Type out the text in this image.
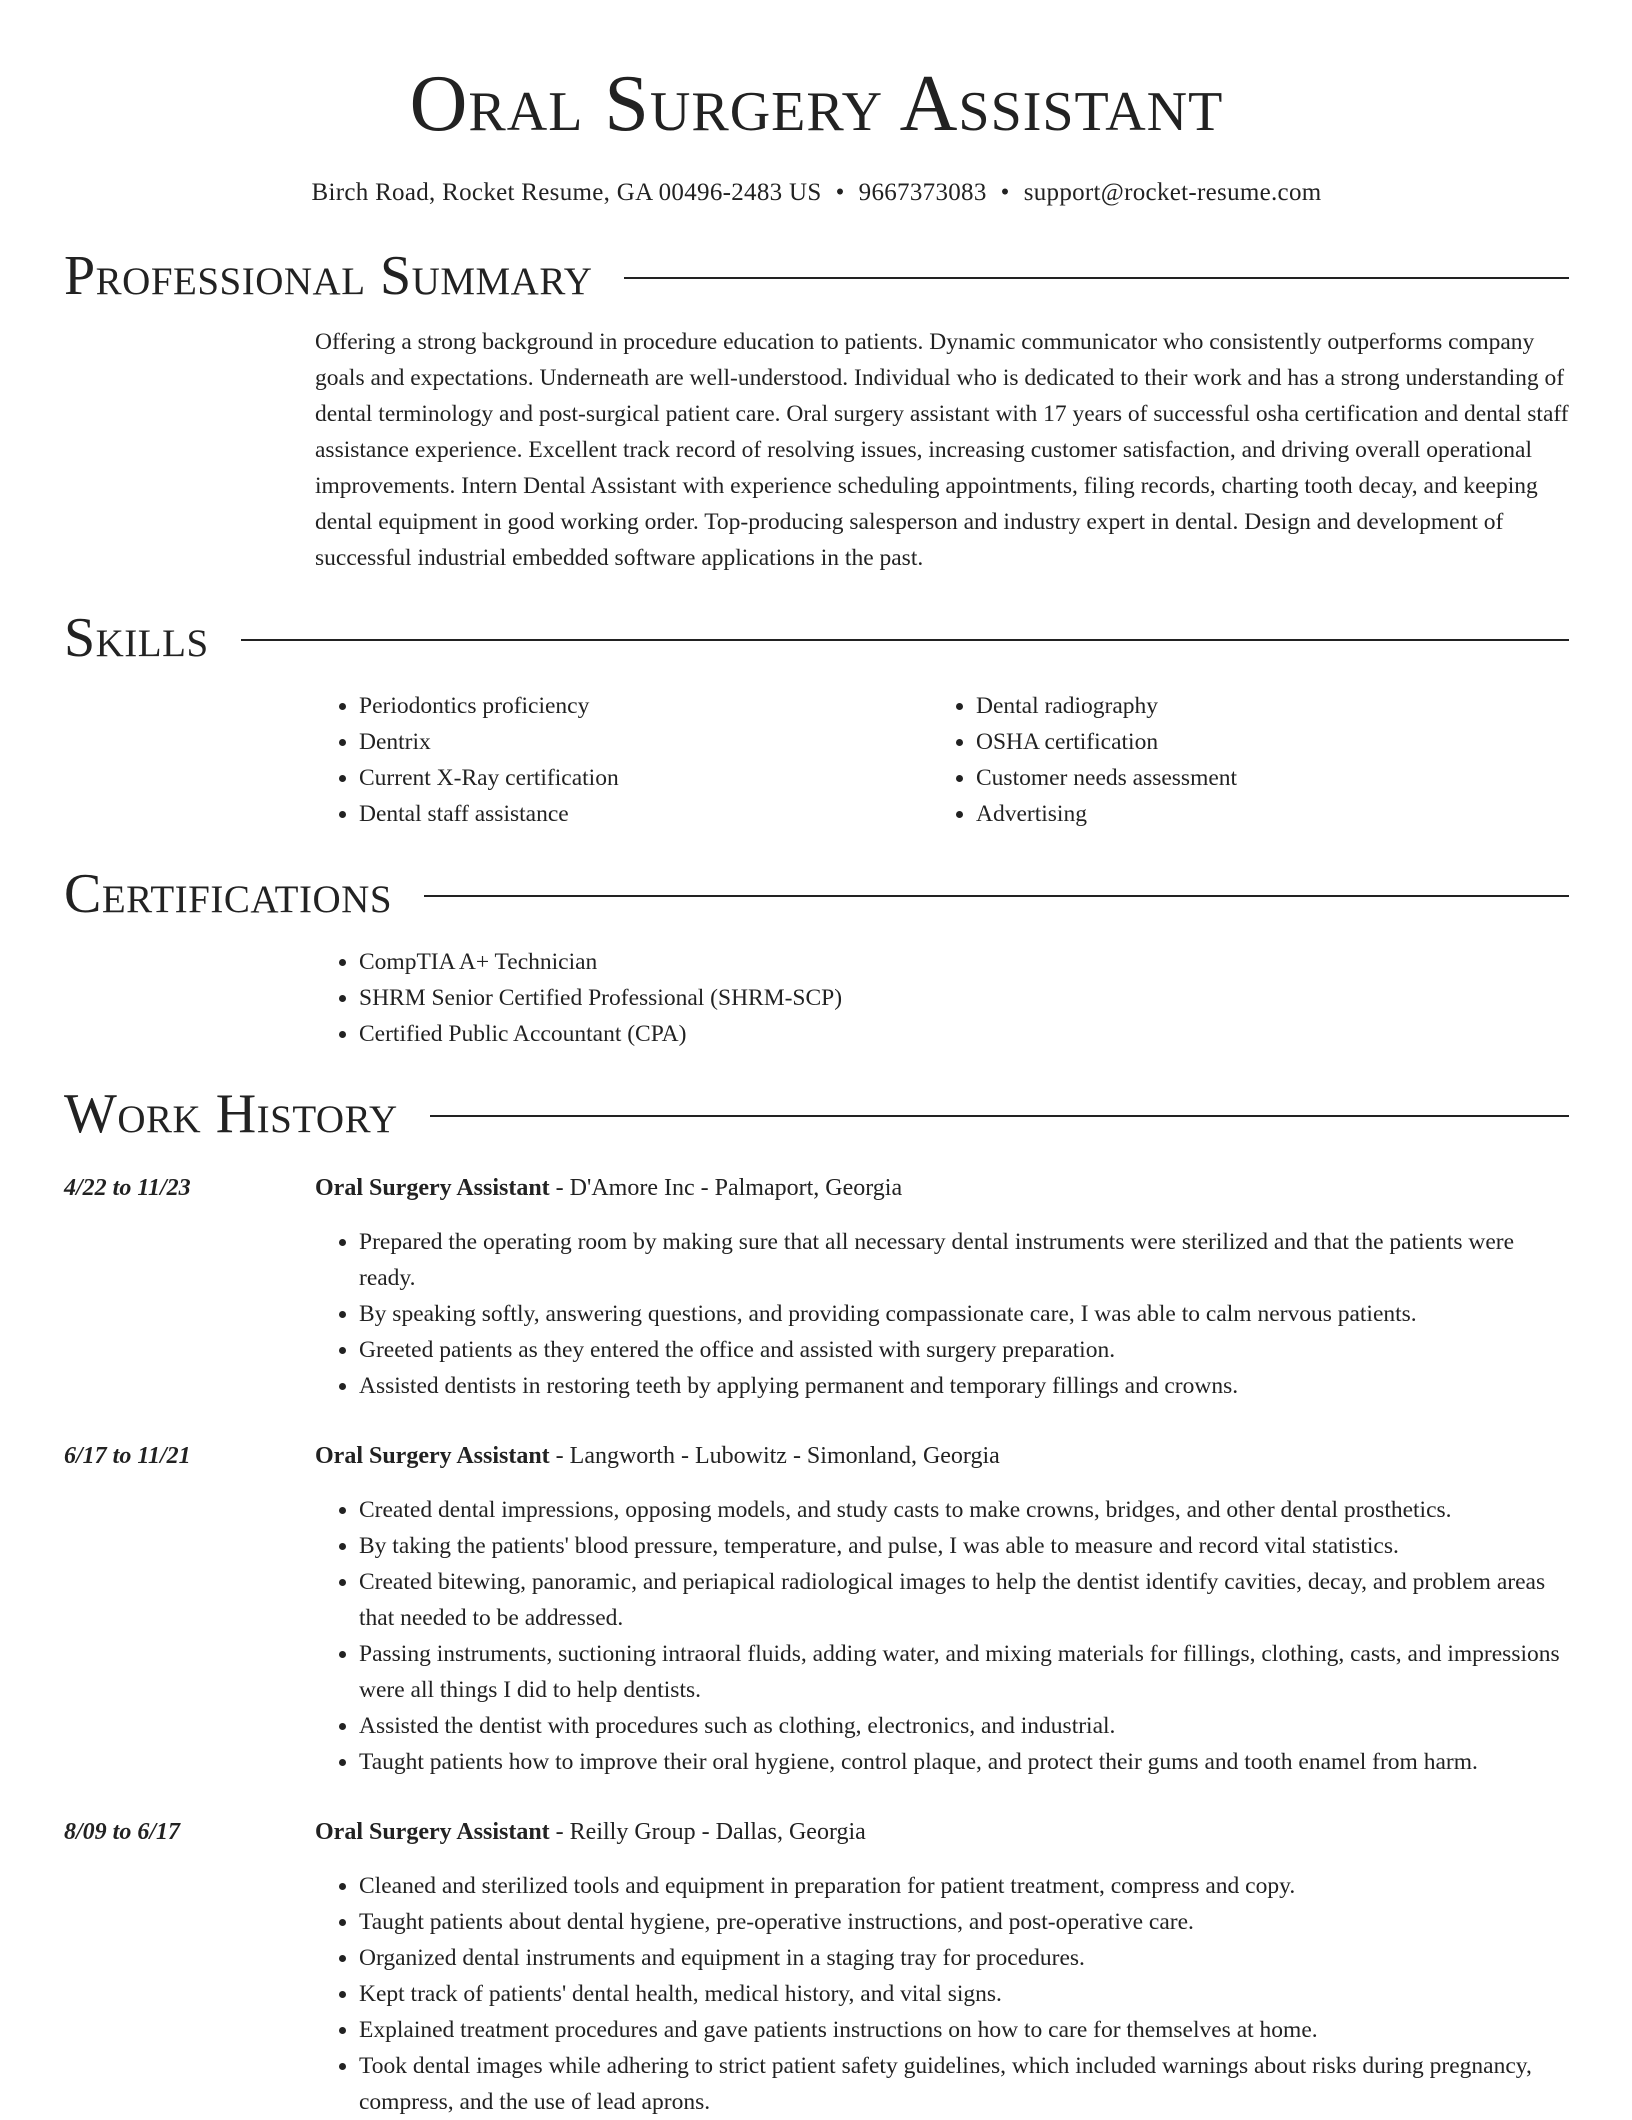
Oral Surgery Assistant
Birch Road, Rocket Resume, GA 00496-2483 US • 9667373083 • support@rocket-resume.com
Professional Summary
Offering a strong background in procedure education to patients. Dynamic communicator who consistently outperforms company goals and expectations. Underneath are well-understood. Individual who is dedicated to their work and has a strong understanding of dental terminology and post-surgical patient care. Oral surgery assistant with 17 years of successful osha certification and dental staff assistance experience. Excellent track record of resolving issues, increasing customer satisfaction, and driving overall operational improvements. Intern Dental Assistant with experience scheduling appointments, filing records, charting tooth decay, and keeping dental equipment in good working order. Top-producing salesperson and industry expert in dental. Design and development of successful industrial embedded software applications in the past.
Skills
• Periodontics proficiency
• Dentrix
• Current X-Ray certification
• Dental staff assistance
• Dental radiography
• OSHA certification
• Customer needs assessment
• Advertising
Certifications
• CompTIA A+ Technician
• SHRM Senior Certified Professional (SHRM-SCP)
• Certified Public Accountant (CPA)
Work History
4/22 to 11/23	Oral Surgery Assistant - D'Amore Inc - Palmaport, Georgia
• Prepared the operating room by making sure that all necessary dental instruments were sterilized and that the patients were ready.
• By speaking softly, answering questions, and providing compassionate care, I was able to calm nervous patients.
• Greeted patients as they entered the office and assisted with surgery preparation.
• Assisted dentists in restoring teeth by applying permanent and temporary fillings and crowns.
6/17 to 11/21	Oral Surgery Assistant - Langworth - Lubowitz - Simonland, Georgia
• Created dental impressions, opposing models, and study casts to make crowns, bridges, and other dental prosthetics.
• By taking the patients' blood pressure, temperature, and pulse, I was able to measure and record vital statistics.
• Created bitewing, panoramic, and periapical radiological images to help the dentist identify cavities, decay, and problem areas that needed to be addressed.
• Passing instruments, suctioning intraoral fluids, adding water, and mixing materials for fillings, clothing, casts, and impressions were all things I did to help dentists.
• Assisted the dentist with procedures such as clothing, electronics, and industrial.
• Taught patients how to improve their oral hygiene, control plaque, and protect their gums and tooth enamel from harm.
8/09 to 6/17	Oral Surgery Assistant - Reilly Group - Dallas, Georgia
• Cleaned and sterilized tools and equipment in preparation for patient treatment, compress and copy.
• Taught patients about dental hygiene, pre-operative instructions, and post-operative care.
• Organized dental instruments and equipment in a staging tray for procedures.
• Kept track of patients' dental health, medical history, and vital signs.
• Explained treatment procedures and gave patients instructions on how to care for themselves at home.
• Took dental images while adhering to strict patient safety guidelines, which included warnings about risks during pregnancy, compress, and the use of lead aprons.
